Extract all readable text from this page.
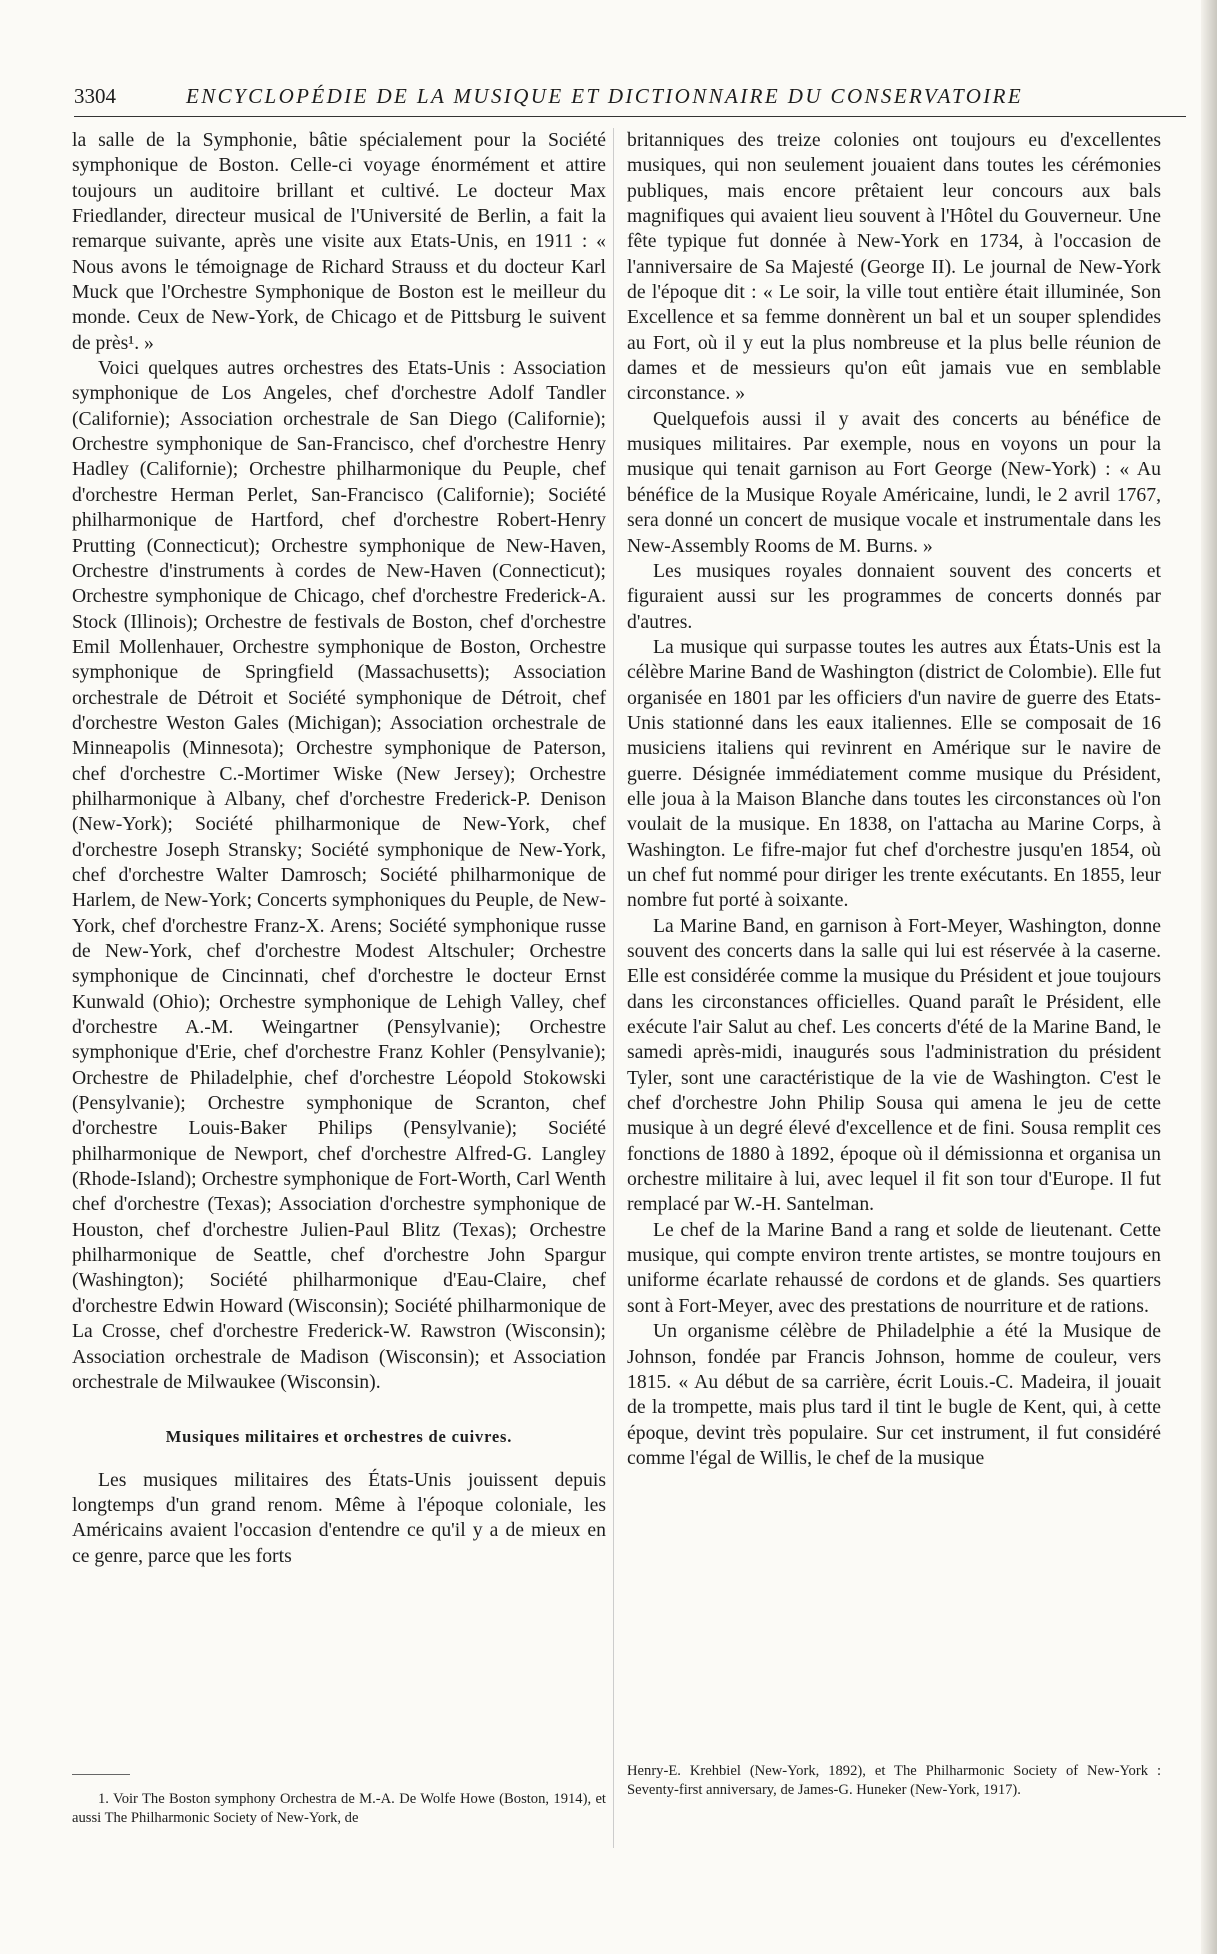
3304	ENCYCLOPÉDIE DE LA MUSIQUE ET DICTIONNAIRE DU CONSERVATOIRE

la salle de la Symphonie, bâtie spécialement pour la Société symphonique de Boston. Celle-ci voyage énormément et attire toujours un auditoire brillant et cultivé. Le docteur Max Friedlander, directeur musical de l'Université de Berlin, a fait la remarque suivante, après une visite aux Etats-Unis, en 1911 : « Nous avons le témoignage de Richard Strauss et du docteur Karl Muck que l'Orchestre Symphonique de Boston est le meilleur du monde. Ceux de New-York, de Chicago et de Pittsburg le suivent de près¹. »

Voici quelques autres orchestres des Etats-Unis : Association symphonique de Los Angeles, chef d'orchestre Adolf Tandler (Californie); Association orchestrale de San Diego (Californie); Orchestre symphonique de San-Francisco, chef d'orchestre Henry Hadley (Californie); Orchestre philharmonique du Peuple, chef d'orchestre Herman Perlet, San-Francisco (Californie); Société philharmonique de Hartford, chef d'orchestre Robert-Henry Prutting (Connecticut); Orchestre symphonique de New-Haven, Orchestre d'instruments à cordes de New-Haven (Connecticut); Orchestre symphonique de Chicago, chef d'orchestre Frederick-A. Stock (Illinois); Orchestre de festivals de Boston, chef d'orchestre Emil Mollenhauer, Orchestre symphonique de Boston, Orchestre symphonique de Springfield (Massachusetts); Association orchestrale de Détroit et Société symphonique de Détroit, chef d'orchestre Weston Gales (Michigan); Association orchestrale de Minneapolis (Minnesota); Orchestre symphonique de Paterson, chef d'orchestre C.-Mortimer Wiske (New Jersey); Orchestre philharmonique à Albany, chef d'orchestre Frederick-P. Denison (New-York); Société philharmonique de New-York, chef d'orchestre Joseph Stransky; Société symphonique de New-York, chef d'orchestre Walter Damrosch; Société philharmonique de Harlem, de New-York; Concerts symphoniques du Peuple, de New-York, chef d'orchestre Franz-X. Arens; Société symphonique russe de New-York, chef d'orchestre Modest Altschuler; Orchestre symphonique de Cincinnati, chef d'orchestre le docteur Ernst Kunwald (Ohio); Orchestre symphonique de Lehigh Valley, chef d'orchestre A.-M. Weingartner (Pensylvanie); Orchestre symphonique d'Erie, chef d'orchestre Franz Kohler (Pensylvanie); Orchestre de Philadelphie, chef d'orchestre Léopold Stokowski (Pensylvanie); Orchestre symphonique de Scranton, chef d'orchestre Louis-Baker Philips (Pensylvanie); Société philharmonique de Newport, chef d'orchestre Alfred-G. Langley (Rhode-Island); Orchestre symphonique de Fort-Worth, Carl Wenth chef d'orchestre (Texas); Association d'orchestre symphonique de Houston, chef d'orchestre Julien-Paul Blitz (Texas); Orchestre philharmonique de Seattle, chef d'orchestre John Spargur (Washington); Société philharmonique d'Eau-Claire, chef d'orchestre Edwin Howard (Wisconsin); Société philharmonique de La Crosse, chef d'orchestre Frederick-W. Rawstron (Wisconsin); Association orchestrale de Madison (Wisconsin); et Association orchestrale de Milwaukee (Wisconsin).

Musiques militaires et orchestres de cuivres.

Les musiques militaires des États-Unis jouissent depuis longtemps d'un grand renom. Même à l'époque coloniale, les Américains avaient l'occasion d'entendre ce qu'il y a de mieux en ce genre, parce que les forts

britanniques des treize colonies ont toujours eu d'excellentes musiques, qui non seulement jouaient dans toutes les cérémonies publiques, mais encore prêtaient leur concours aux bals magnifiques qui avaient lieu souvent à l'Hôtel du Gouverneur. Une fête typique fut donnée à New-York en 1734, à l'occasion de l'anniversaire de Sa Majesté (George II). Le journal de New-York de l'époque dit : « Le soir, la ville tout entière était illuminée, Son Excellence et sa femme donnèrent un bal et un souper splendides au Fort, où il y eut la plus nombreuse et la plus belle réunion de dames et de messieurs qu'on eût jamais vue en semblable circonstance. »

Quelquefois aussi il y avait des concerts au bénéfice de musiques militaires. Par exemple, nous en voyons un pour la musique qui tenait garnison au Fort George (New-York) : « Au bénéfice de la Musique Royale Américaine, lundi, le 2 avril 1767, sera donné un concert de musique vocale et instrumentale dans les New-Assembly Rooms de M. Burns. »

Les musiques royales donnaient souvent des concerts et figuraient aussi sur les programmes de concerts donnés par d'autres.

La musique qui surpasse toutes les autres aux États-Unis est la célèbre Marine Band de Washington (district de Colombie). Elle fut organisée en 1801 par les officiers d'un navire de guerre des Etats-Unis stationné dans les eaux italiennes. Elle se composait de 16 musiciens italiens qui revinrent en Amérique sur le navire de guerre. Désignée immédiatement comme musique du Président, elle joua à la Maison Blanche dans toutes les circonstances où l'on voulait de la musique. En 1838, on l'attacha au Marine Corps, à Washington. Le fifre-major fut chef d'orchestre jusqu'en 1854, où un chef fut nommé pour diriger les trente exécutants. En 1855, leur nombre fut porté à soixante.

La Marine Band, en garnison à Fort-Meyer, Washington, donne souvent des concerts dans la salle qui lui est réservée à la caserne. Elle est considérée comme la musique du Président et joue toujours dans les circonstances officielles. Quand paraît le Président, elle exécute l'air Salut au chef. Les concerts d'été de la Marine Band, le samedi après-midi, inaugurés sous l'administration du président Tyler, sont une caractéristique de la vie de Washington. C'est le chef d'orchestre John Philip Sousa qui amena le jeu de cette musique à un degré élevé d'excellence et de fini. Sousa remplit ces fonctions de 1880 à 1892, époque où il démissionna et organisa un orchestre militaire à lui, avec lequel il fit son tour d'Europe. Il fut remplacé par W.-H. Santelman.

Le chef de la Marine Band a rang et solde de lieutenant. Cette musique, qui compte environ trente artistes, se montre toujours en uniforme écarlate rehaussé de cordons et de glands. Ses quartiers sont à Fort-Meyer, avec des prestations de nourriture et de rations.

Un organisme célèbre de Philadelphie a été la Musique de Johnson, fondée par Francis Johnson, homme de couleur, vers 1815. « Au début de sa carrière, écrit Louis.-C. Madeira, il jouait de la trompette, mais plus tard il tint le bugle de Kent, qui, à cette époque, devint très populaire. Sur cet instrument, il fut considéré comme l'égal de Willis, le chef de la musique

1. Voir The Boston symphony Orchestra de M.-A. De Wolfe Howe (Boston, 1914), et aussi The Philharmonic Society of New-York, de

Henry-E. Krehbiel (New-York, 1892), et The Philharmonic Society of New-York : Seventy-first anniversary, de James-G. Huneker (New-York, 1917).
